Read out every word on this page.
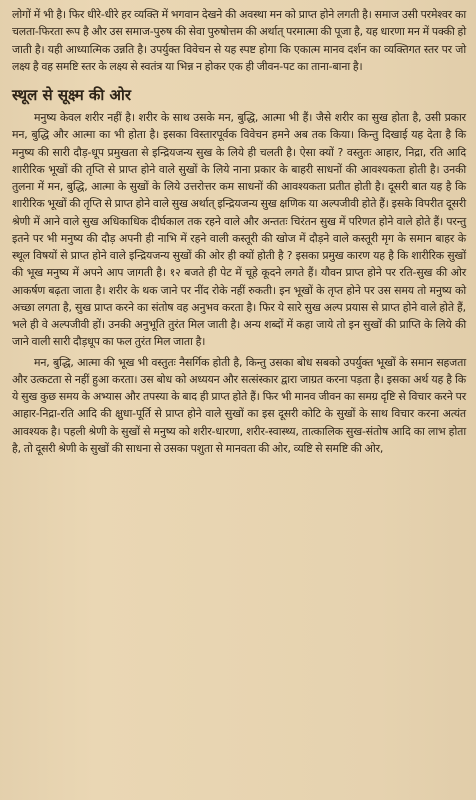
लोगों में भी है। फिर धीरे-धीरे हर व्यक्ति में भगवान देखने की अवस्था मन को प्राप्त होने लगती है। समाज उसी परमेश्वर का चलता-फिरता रूप है और उस समाज-पुरुष की सेवा पुरुषोत्तम की अर्थात् परमात्मा की पूजा है, यह धारणा मन में पक्की हो जाती है। यही आध्यात्मिक उन्नति है। उपर्युक्त विवेचन से यह स्पष्ट होगा कि एकात्म मानव दर्शन का व्यक्तिगत स्तर पर जो लक्ष्य है वह समष्टि स्तर के लक्ष्य से स्वतंत्र या भिन्न न होकर एक ही जीवन-पट का ताना-बाना है।

स्थूल से सूक्ष्म की ओर

मनुष्य केवल शरीर नहीं है। शरीर के साथ उसके मन, बुद्धि, आत्मा भी हैं। जैसे शरीर का सुख होता है, उसी प्रकार मन, बुद्धि और आत्मा का भी होता है। इसका विस्तारपूर्वक विवेचन हमने अब तक किया। किन्तु दिखाई यह देता है कि मनुष्य की सारी दौड़-धूप प्रमुखता से इन्द्रियजन्य सुख के लिये ही चलती है। ऐसा क्यों ? वस्तुतः आहार, निद्रा, रति आदि शारीरिक भूखों की तृप्ति से प्राप्त होने वाले सुखों के लिये नाना प्रकार के बाहरी साधनों की आवश्यकता होती है। उनकी तुलना में मन, बुद्धि, आत्मा के सुखों के लिये उत्तरोत्तर कम साधनों की आवश्यकता प्रतीत होती है। दूसरी बात यह है कि शारीरिक भूखों की तृप्ति से प्राप्त होने वाले सुख अर्थात् इन्द्रियजन्य सुख क्षणिक या अल्पजीवी होते हैं। इसके विपरीत दूसरी श्रेणी में आने वाले सुख अधिकाधिक दीर्घकाल तक रहने वाले और अन्ततः चिरंतन सुख में परिणत होने वाले होते हैं। परन्तु इतने पर भी मनुष्य की दौड़ अपनी ही नाभि में रहने वाली कस्तूरी की खोज में दौड़ने वाले कस्तूरी मृग के समान बाहर के स्थूल विषयों से प्राप्त होने वाले इन्द्रियजन्य सुखों की ओर ही क्यों होती है ? इसका प्रमुख कारण यह है कि शारीरिक सुखों की भूख मनुष्य में अपने आप जागती है। १२ बजते ही पेट में चूहे कूदने लगते हैं। यौवन प्राप्त होने पर रति-सुख की ओर आकर्षण बढ़ता जाता है। शरीर के थक जाने पर नींद रोके नहीं रुकती। इन भूखों के तृप्त होने पर उस समय तो मनुष्य को अच्छा लगता है, सुख प्राप्त करने का संतोष वह अनुभव करता है। फिर ये सारे सुख अल्प प्रयास से प्राप्त होने वाले होते हैं, भले ही वे अल्पजीवी हों। उनकी अनुभूति तुरंत मिल जाती है। अन्य शब्दों में कहा जाये तो इन सुखों की प्राप्ति के लिये की जाने वाली सारी दौड़धूप का फल तुरंत मिल जाता है।

मन, बुद्धि, आत्मा की भूख भी वस्तुतः नैसर्गिक होती है, किन्तु उसका बोध सबको उपर्युक्त भूखों के समान सहजता और उत्कटता से नहीं हुआ करता। उस बोध को अध्ययन और सत्संस्कार द्वारा जाग्रत करना पड़ता है। इसका अर्थ यह है कि ये सुख कुछ समय के अभ्यास और तपस्या के बाद ही प्राप्त होते हैं। फिर भी मानव जीवन का समग्र दृष्टि से विचार करने पर आहार-निद्रा-रति आदि की क्षुधा-पूर्ति से प्राप्त होने वाले सुखों का इस दूसरी कोटि के सुखों के साथ विचार करना अत्यंत आवश्यक है। पहली श्रेणी के सुखों से मनुष्य को शरीर-धारणा, शरीर-स्वास्थ्य, तात्कालिक सुख-संतोष आदि का लाभ होता है, तो दूसरी श्रेणी के सुखों की साधना से उसका पशुता से मानवता की ओर, व्यष्टि से समष्टि की ओर,
